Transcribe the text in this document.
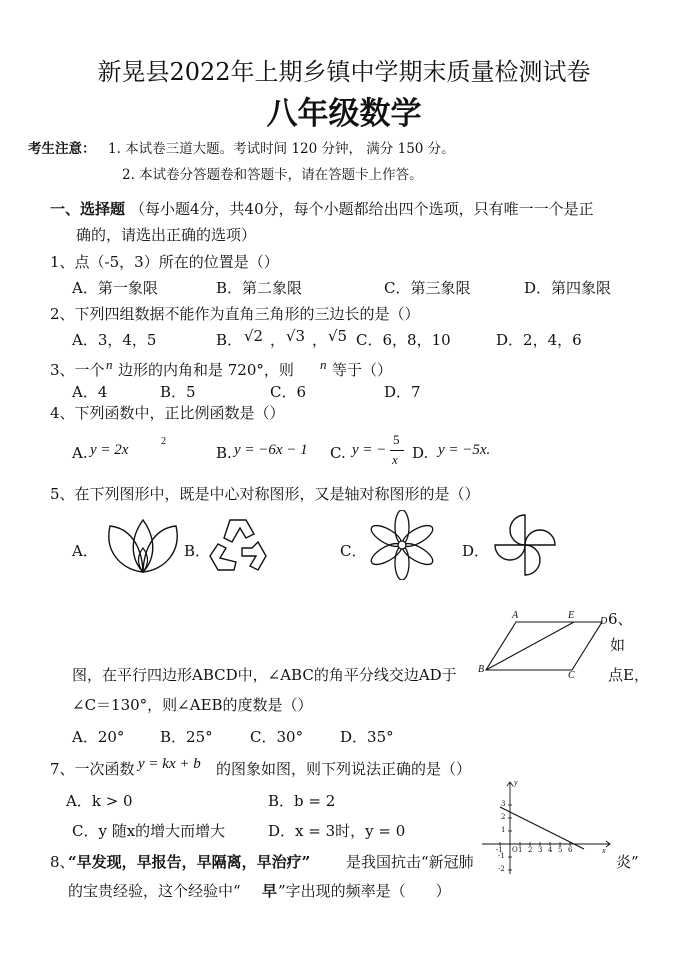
新晃县2022年上期乡镇中学期末质量检测试卷
八年级数学
考生注意： 1. 本试卷三道大题。考试时间 120 分钟， 满分 150 分。
2. 本试卷分答题卷和答题卡，请在答题卡上作答。
一、选择题 （每小题4分，共40分，每个小题都给出四个选项，只有唯一一个是正
确的，请选出正确的选项）
1、点（-5，3）所在的位置是（）
A．第一象限	B．第二象限	C．第三象限	D．第四象限
2、下列四组数据不能作为直角三角形的三边长的是（）
A．3，4，5	B． √2 ， √3 ， √5 C．6，8，10	D．2，4，6
3、一个 n 边形的内角和是 720°，则 n 等于（）
A．4	B．5	C．6	D．7
4、下列函数中，正比例函数是（）
A. y = 2x
2
B. y = −6x − 1 C. y = −
5
x D. y = −5x.
5、在下列图形中，既是中心对称图形，又是轴对称图形的是（）
A．	B．	C．	D．
6、
如
图，在平行四边形ABCD中，∠ABC的角平分线交边AD于	点E，
∠C＝130°，则∠AEB的度数是（）
A．20° B．25° C．30° D．35°
A	E
D
B
C
7、一次函数 y = kx + b 的图象如图，则下列说法正确的是（）
A．k > 0	B．b = 2
C．y 随x的增大而增大	D．x = 3时，y = 0
y
x
-1 O 1 2 3 4 5 6
3
2
1
-1
-2
8、
“早发现，早报告，早隔离，早治疗” 是我国抗击“新冠肺	炎”
的宝贵经验，这个经验中“ 早 ”字出现的频率是（　　）
